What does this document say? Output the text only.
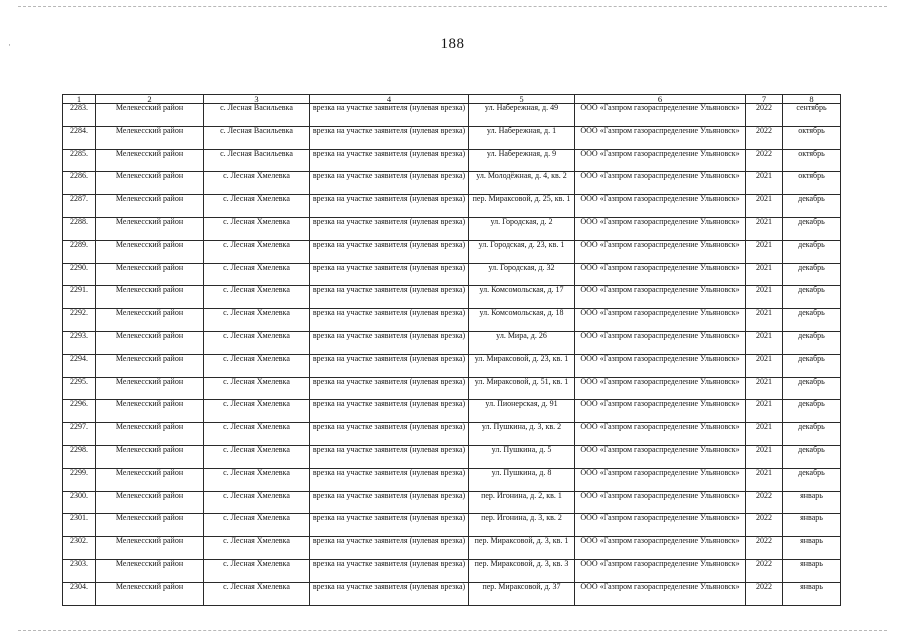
·	188
1	2	3	4	5	6	7	8
2283.	Мелекесский район	с. Лесная Васильевка	врезка на участке заявителя (нулевая врезка)	ул. Набережная, д. 49	ООО «Газпром газораспределение Ульяновск»	2022	сентябрь
2284.	Мелекесский район	с. Лесная Васильевка	врезка на участке заявителя (нулевая врезка)	ул. Набережная, д. 1	ООО «Газпром газораспределение Ульяновск»	2022	октябрь
2285.	Мелекесский район	с. Лесная Васильевка	врезка на участке заявителя (нулевая врезка)	ул. Набережная, д. 9	ООО «Газпром газораспределение Ульяновск»	2022	октябрь
2286.	Мелекесский район	с. Лесная Хмелевка	врезка на участке заявителя (нулевая врезка)	ул. Молодёжная, д. 4, кв. 2	ООО «Газпром газораспределение Ульяновск»	2021	октябрь
2287.	Мелекесский район	с. Лесная Хмелевка	врезка на участке заявителя (нулевая врезка)	пер. Мираксовой, д. 25, кв. 1	ООО «Газпром газораспределение Ульяновск»	2021	декабрь
2288.	Мелекесский район	с. Лесная Хмелевка	врезка на участке заявителя (нулевая врезка)	ул. Городская, д. 2	ООО «Газпром газораспределение Ульяновск»	2021	декабрь
2289.	Мелекесский район	с. Лесная Хмелевка	врезка на участке заявителя (нулевая врезка)	ул. Городская, д. 23, кв. 1	ООО «Газпром газораспределение Ульяновск»	2021	декабрь
2290.	Мелекесский район	с. Лесная Хмелевка	врезка на участке заявителя (нулевая врезка)	ул. Городская, д. 32	ООО «Газпром газораспределение Ульяновск»	2021	декабрь
2291.	Мелекесский район	с. Лесная Хмелевка	врезка на участке заявителя (нулевая врезка)	ул. Комсомольская, д. 17	ООО «Газпром газораспределение Ульяновск»	2021	декабрь
2292.	Мелекесский район	с. Лесная Хмелевка	врезка на участке заявителя (нулевая врезка)	ул. Комсомольская, д. 18	ООО «Газпром газораспределение Ульяновск»	2021	декабрь
2293.	Мелекесский район	с. Лесная Хмелевка	врезка на участке заявителя (нулевая врезка)	ул. Мира, д. 26	ООО «Газпром газораспределение Ульяновск»	2021	декабрь
2294.	Мелекесский район	с. Лесная Хмелевка	врезка на участке заявителя (нулевая врезка)	ул. Мираксовой, д. 23, кв. 1	ООО «Газпром газораспределение Ульяновск»	2021	декабрь
2295.	Мелекесский район	с. Лесная Хмелевка	врезка на участке заявителя (нулевая врезка)	ул. Мираксовой, д. 51, кв. 1	ООО «Газпром газораспределение Ульяновск»	2021	декабрь
2296.	Мелекесский район	с. Лесная Хмелевка	врезка на участке заявителя (нулевая врезка)	ул. Пионерская, д. 91	ООО «Газпром газораспределение Ульяновск»	2021	декабрь
2297.	Мелекесский район	с. Лесная Хмелевка	врезка на участке заявителя (нулевая врезка)	ул. Пушкина, д. 3, кв. 2	ООО «Газпром газораспределение Ульяновск»	2021	декабрь
2298.	Мелекесский район	с. Лесная Хмелевка	врезка на участке заявителя (нулевая врезка)	ул. Пушкина, д. 5	ООО «Газпром газораспределение Ульяновск»	2021	декабрь
2299.	Мелекесский район	с. Лесная Хмелевка	врезка на участке заявителя (нулевая врезка)	ул. Пушкина, д. 8	ООО «Газпром газораспределение Ульяновск»	2021	декабрь
2300.	Мелекесский район	с. Лесная Хмелевка	врезка на участке заявителя (нулевая врезка)	пер. Игонина, д. 2, кв. 1	ООО «Газпром газораспределение Ульяновск»	2022	январь
2301.	Мелекесский район	с. Лесная Хмелевка	врезка на участке заявителя (нулевая врезка)	пер. Игонина, д. 3, кв. 2	ООО «Газпром газораспределение Ульяновск»	2022	январь
2302.	Мелекесский район	с. Лесная Хмелевка	врезка на участке заявителя (нулевая врезка)	пер. Мираксовой, д. 3, кв. 1	ООО «Газпром газораспределение Ульяновск»	2022	январь
2303.	Мелекесский район	с. Лесная Хмелевка	врезка на участке заявителя (нулевая врезка)	пер. Мираксовой, д. 3, кв. 3	ООО «Газпром газораспределение Ульяновск»	2022	январь
2304.	Мелекесский район	с. Лесная Хмелевка	врезка на участке заявителя (нулевая врезка)	пер. Мираксовой, д. 37	ООО «Газпром газораспределение Ульяновск»	2022	январь
